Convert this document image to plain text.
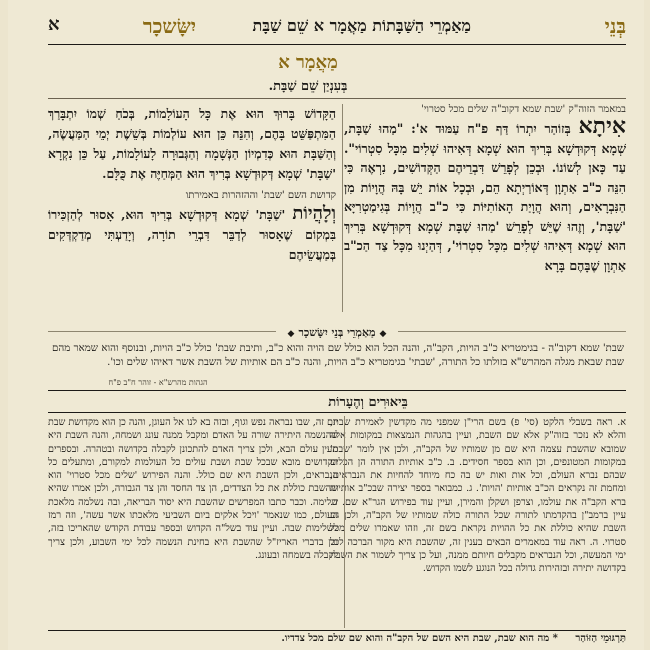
בְּנֵי
מַאַמְרֵי הַשַּׁבָּתוֹת מַאֲמָר א שֵׁם שַׁבָּת
יִשָּׂשכָר
א
מַאֲמָר א
בְּעִנְיַן שֵׁם שַׁבָּת.
במאמר הזוה"ק 'שבת שמא דקוב"ה שלים מכל סטרוי'
אִיתָא בְּזוֹהַר יִתְרוֹ דַּף פ"ח עַמּוּד א': "מַהוּ שַׁבָּת, שְׁמָא דְּקוּדְשָׁא בְּרִיךְ הוּא שְׁמָא דְּאִיהוּ שְׁלִים מִכָּל סִטְרוֹי". עַד כָּאן לְשׁוֹנוֹ. וּבְכֵן לְפָרֵשׁ דִּבְרֵיהֶם הַקְּדוֹשִׁים, נִרְאֶה כִּי הִנֵּה כ"ב אַתְוָן דְּאוֹרַיְתָא הֵם, וּבְכָל אוֹת יֵשׁ בָּהּ הֲוָיוֹת מִן הַנִּבְרָאִים, וְהוּא הֲוָיַת הָאוֹתִיּוֹת כִּי כ"ב הֲוָיוֹת בְּגִימַטְרִיָּא 'שַׁבָּת', וְזֶהוּ שֶׁיֵּשׁ לְפָרֵשׁ 'מַהוּ שַׁבָּת שְׁמָא דְּקוּדְשָׁא בְּרִיךְ הוּא שְׁמָא דְּאִיהוּ שְׁלִים מִכָּל סִטְרוֹי', דְּהַיְנוּ מִכָּל צַד הַכ"ב אַתְוָן שֶׁבָּהֶם בָּרָא
הַקָּדוֹשׁ בָּרוּךְ הוּא אֶת כָּל הָעוֹלָמוֹת, בְּכֹחַ שְׁמוֹ יִתְבָּרַךְ הַמִּתְפַּשֵּׁט בָּהֶם, וְהִנֵּה כֵּן הוּא עוֹלְמוֹת בְּשֵׁשֶׁת יְמֵי הַמַּעֲשֶׂה, וְהַשַּׁבָּת הוּא כְּדִמְיוֹן הַנְּשָׁמָה וְהַגְּבוּרָה לָעוֹלָמוֹת, עַל כֵּן נִקְרָא 'שַׁבָּת' שְׁמָא דְּקוּדְשָׁא בְּרִיךְ הוּא הַמְּחַיֶּה אֶת כֻּלָּם.
קדושת השם 'שבת' וההזהרות באמירתו
וְלָהֲיוֹת 'שַׁבָּת' שְׁמָא דְּקוּדְשָׁא בְּרִיךְ הוּא, אָסוּר לְהַזְכִּירוֹ בִּמְקוֹם שֶׁאָסוּר לְדַבֵּר דִּבְרֵי תוֹרָה, וְיָדַעְתִּי מְדַקְדְּקִים בְּמַעֲשֵׂיהֶם
◆מַאַמְרֵי בְּנֵי יִשָּׂשכָר◆
שבת' שמא דקוב"ה - בגימטריא כ"ב הויות, הקב"ה, והנה הכל הוא כולל שם הויה והוא כ"ב, ותיבת שבת' כולל כ"ב הויות, ובנוסף והוא שמאר מהם שבת שבאת מגלה המהרש"א בזולתו כל התורה, 'שבתי' בגימטריא כ"ב הויות, והנה כ"ב הם אותיות של השבת אשר דאיהו שלים וכו'.
הגהות מהרש"א - זוהר ח"ב פ"ח
בֵּיאוּרִים וְהֶעָרוֹת
א. ראה בשבלי הלקט (סי' פ) בשם הרי"ן שמפני מה מקדשין לאמירת שבת, והלא לא נזכר בזוה"ק אלא שם השבת, ועיין בהגהות הנמצאות במקומות אלה שמובא שהשבת עצמה היא שם מן שמותיו של הקב"ה, ולכן אין לומר 'שבת' במקומות המטונפים, וכן הוא בספר חסידים. ב. כ"ב אותיות התורה הן הכלים שבהם נברא העולם, וכל אות ואות יש בה כח מיוחד להחיות את הנבראים, ומחמת זה נקראים הכ"ב אותיות 'הויות'. ג. כמבואר בספר יצירה שבכ"ב אותיות ברא הקב"ה את עולמו, וצרפן ושקלן והמירן, ועיין עוד בפירוש הגר"א שם. ד. עיין ברמב"ן בהקדמתו לתורה שכל התורה כולה שמותיו של הקב"ה, ולכן גם השבת שהיא כוללת את כל ההויות נקראת בשם זה, וזהו שאמרו שלים מכל סטרוי. ה. ראה עוד במאמרים הבאים בענין זה, שהשבת היא מקור הברכה לכל ימי המעשה, וכל הנבראים מקבלים חיותם ממנה, ועל כן צריך לשמור את השבת בקדושה יתירה ובזהירות גדולה בכל הנוגע לשמו הקדוש.
יום זה, שבו נבראה נפש וגוף, ובזה בא לנו אל העוגן, והנה כן הוא מקדושת שבת שהנשמה היתירה שורה על האדם ומקבל ממנה עונג ושמחה, והנה השבת היא מעין עולם הבא, ולכן צריך האדם להתכונן לקבלה בקדושה ובטהרה. ובספרים הקדושים מובא שבכל שבת ושבת עולים כל העולמות למקורם, ומתעלים כל הנבראים, ולכן השבת היא שם כולל. והנה הפירוש 'שלים מכל סטרוי' הוא שהשבת כוללת את כל הצדדים, הן צד החסד והן צד הגבורה, ולכן אמרו שהיא שלימה. וכבר כתבו המפרשים שהשבת היא יסוד הבריאה, ובה נשלמה מלאכת העולם, כמו שנאמר 'ויכל אלקים ביום השביעי מלאכתו אשר עשה', וזה רמז לשלימות שבה. ועיין עוד בשל"ה הקדוש ובספר עבודת הקודש שהאריכו בזה, וכן בדברי האריז"ל שהשבת היא בחינת הנשמה לכל ימי השבוע, ולכן צריך לקבלה בשמחה ובעונג.
תַּרְגּוּמֵי הַזּוֹהַר * מה הוא שבת, שבת היא השם של הקב"ה והוא שם שלם מכל צדדיו.
